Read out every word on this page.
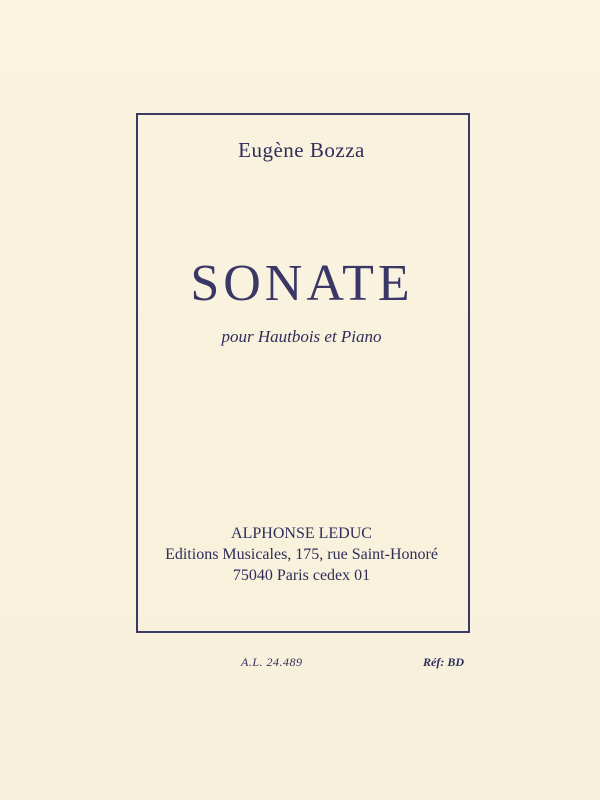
Eugène Bozza
SONATE
pour Hautbois et Piano
ALPHONSE LEDUC
Editions Musicales, 175, rue Saint-Honoré
75040 Paris cedex 01
A.L. 24.489	Réf: BD
